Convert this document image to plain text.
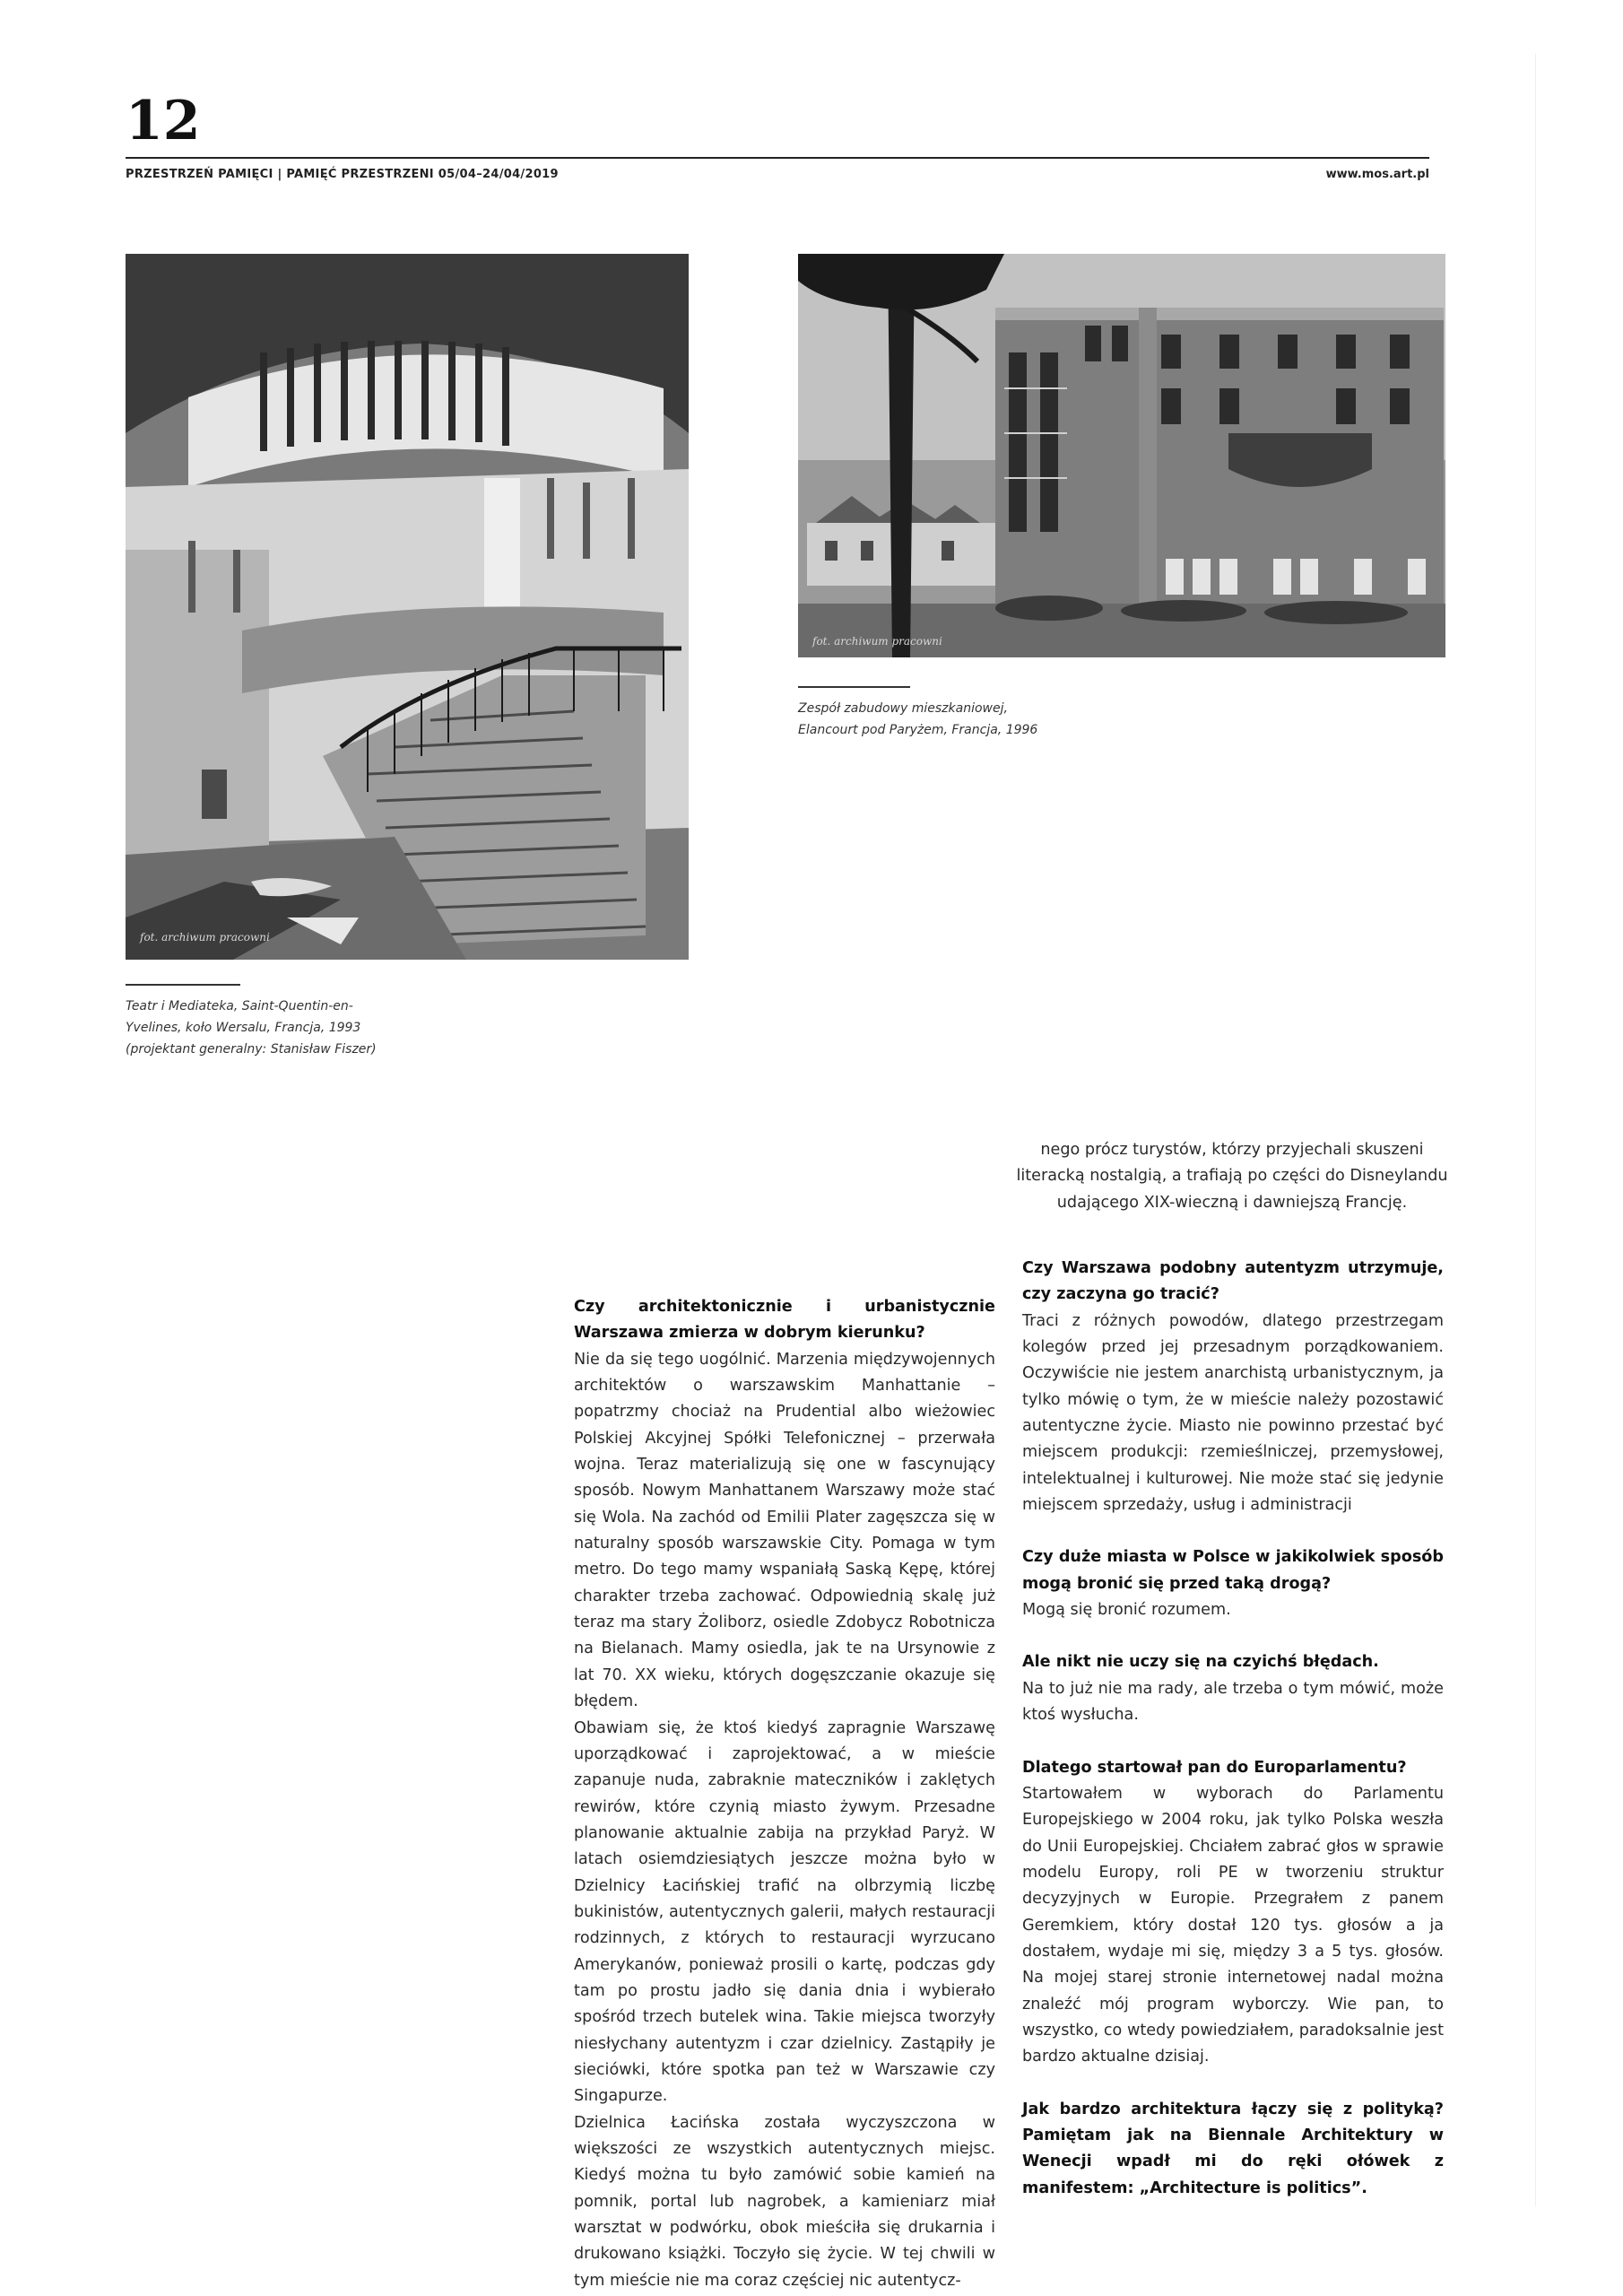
12
PRZESTRZEŃ PAMIĘCI | PAMIĘĆ PRZESTRZENI 05/04–24/04/2019	www.mos.art.pl
fot. archiwum pracowni
fot. archiwum pracowni
Zespół zabudowy mieszkaniowej,
Elancourt pod Paryżem, Francja, 1996
Teatr i Mediateka, Saint-Quentin-en-
Yvelines, koło Wersalu, Francja, 1993
(projektant generalny: Stanisław Fiszer)

nego prócz turystów, którzy przyjechali skuszeni literacką nostalgią, a trafiają po części do Disneylandu udającego XIX-wieczną i dawniejszą Francję.

Czy architektonicznie i urbanistycznie Warszawa zmierza w dobrym kierunku?

Nie da się tego uogólnić. Marzenia międzywojennych architektów o warszawskim Manhattanie – popatrzmy chociaż na Prudential albo wieżowiec Polskiej Akcyjnej Spółki Telefonicznej – przerwała wojna. Teraz materializują się one w fascynujący sposób. Nowym Manhattanem Warszawy może stać się Wola. Na zachód od Emilii Plater zagęszcza się w naturalny sposób warszawskie City. Pomaga w tym metro. Do tego mamy wspaniałą Saską Kępę, której charakter trzeba zachować. Odpowiednią skalę już teraz ma stary Żoliborz, osiedle Zdobycz Robotnicza na Bielanach. Mamy osiedla, jak te na Ursynowie z lat 70. XX wieku, których dogęszczanie okazuje się błędem.

Obawiam się, że ktoś kiedyś zapragnie Warszawę uporządkować i zaprojektować, a w mieście zapanuje nuda, zabraknie mateczników i zaklętych rewirów, które czynią miasto żywym. Przesadne planowanie aktualnie zabija na przykład Paryż. W latach osiemdziesiątych jeszcze można było w Dzielnicy Łacińskiej trafić na olbrzymią liczbę bukinistów, autentycznych galerii, małych restauracji rodzinnych, z których to restauracji wyrzucano Amerykanów, ponieważ prosili o kartę, podczas gdy tam po prostu jadło się dania dnia i wybierało spośród trzech butelek wina. Takie miejsca tworzyły niesłychany autentyzm i czar dzielnicy. Zastąpiły je sieciówki, które spotka pan też w Warszawie czy Singapurze.

Dzielnica Łacińska została wyczyszczona w większości ze wszystkich autentycznych miejsc. Kiedyś można tu było zamówić sobie kamień na pomnik, portal lub nagrobek, a kamieniarz miał warsztat w podwórku, obok mieściła się drukarnia i drukowano książki. Toczyło się życie. W tej chwili w tym mieście nie ma coraz częściej nic autentycz-

Czy Warszawa podobny autentyzm utrzymuje, czy zaczyna go tracić?

Traci z różnych powodów, dlatego przestrzegam kolegów przed jej przesadnym porządkowaniem. Oczywiście nie jestem anarchistą urbanistycznym, ja tylko mówię o tym, że w mieście należy pozostawić autentyczne życie. Miasto nie powinno przestać być miejscem produkcji: rzemieślniczej, przemysłowej, intelektualnej i kulturowej. Nie może stać się jedynie miejscem sprzedaży, usług i administracji

Czy duże miasta w Polsce w jakikolwiek sposób mogą bronić się przed taką drogą?

Mogą się bronić rozumem.

Ale nikt nie uczy się na czyichś błędach.

Na to już nie ma rady, ale trzeba o tym mówić, może ktoś wysłucha.

Dlatego startował pan do Europarlamentu?

Startowałem w wyborach do Parlamentu Europejskiego w 2004 roku, jak tylko Polska weszła do Unii Europejskiej. Chciałem zabrać głos w sprawie modelu Europy, roli PE w tworzeniu struktur decyzyjnych w Europie. Przegrałem z panem Geremkiem, który dostał 120 tys. głosów a ja dostałem, wydaje mi się, między 3 a 5 tys. głosów. Na mojej starej stronie internetowej nadal można znaleźć mój program wyborczy. Wie pan, to wszystko, co wtedy powiedziałem, paradoksalnie jest bardzo aktualne dzisiaj.

Jak bardzo architektura łączy się z polityką? Pamiętam jak na Biennale Architektury w Wenecji wpadł mi do ręki ołówek z manifestem: „Architecture is politics”.
